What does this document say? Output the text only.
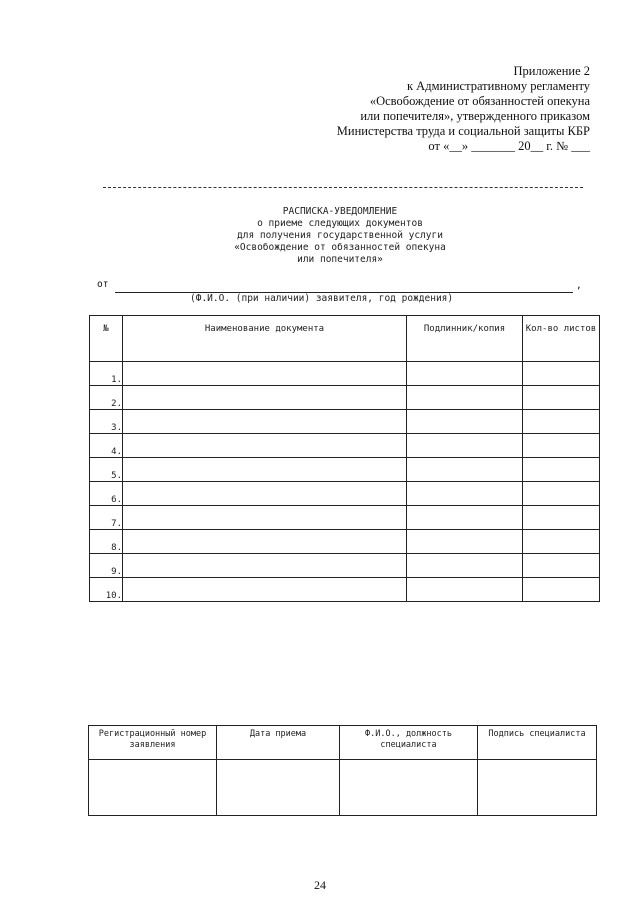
Приложение 2
к Административному регламенту
«Освобождение от обязанностей опекуна
или попечителя», утвержденного приказом
Министерства труда и социальной защиты КБР
от «__» _______ 20__ г. № ___
РАСПИСКА-УВЕДОМЛЕНИЕ
о приеме следующих документов
для получения государственной услуги
«Освобождение от обязанностей опекуна
или попечителя»
от	,
(Ф.И.О. (при наличии) заявителя, год рождения)
№	Наименование документа	Подлинник/копия	Кол-во листов
1.			
2.			
3.			
4.			
5.			
6.			
7.			
8.			
9.			
10.			
Регистрационный номер заявления	Дата приема	Ф.И.О., должность специалиста	Подпись специалиста

24
